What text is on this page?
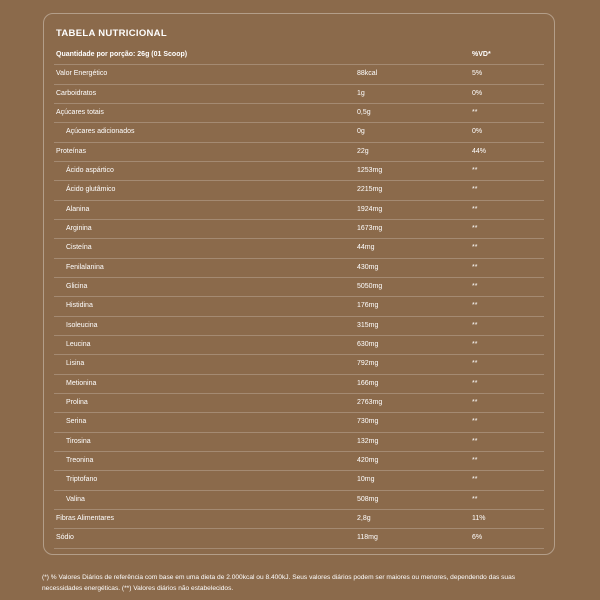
TABELA NUTRICIONAL
Quantidade por porção: 26g (01 Scoop)	%VD*
Valor Energético	88kcal	5%
Carboidratos	1g	0%
Açúcares totais	0,5g	**
Açúcares adicionados	0g	0%
Proteínas	22g	44%
Ácido aspártico	1253mg	**
Ácido glutâmico	2215mg	**
Alanina	1924mg	**
Arginina	1673mg	**
Cisteína	44mg	**
Fenilalanina	430mg	**
Glicina	5050mg	**
Histidina	176mg	**
Isoleucina	315mg	**
Leucina	630mg	**
Lisina	792mg	**
Metionina	166mg	**
Prolina	2763mg	**
Serina	730mg	**
Tirosina	132mg	**
Treonina	420mg	**
Triptofano	10mg	**
Valina	508mg	**
Fibras Alimentares	2,8g	11%
Sódio	118mg	6%
(*) % Valores Diários de referência com base em uma dieta de 2.000kcal ou 8.400kJ. Seus valores diários podem ser maiores ou menores, dependendo das suas necessidades energéticas. (**) Valores diários não estabelecidos.
